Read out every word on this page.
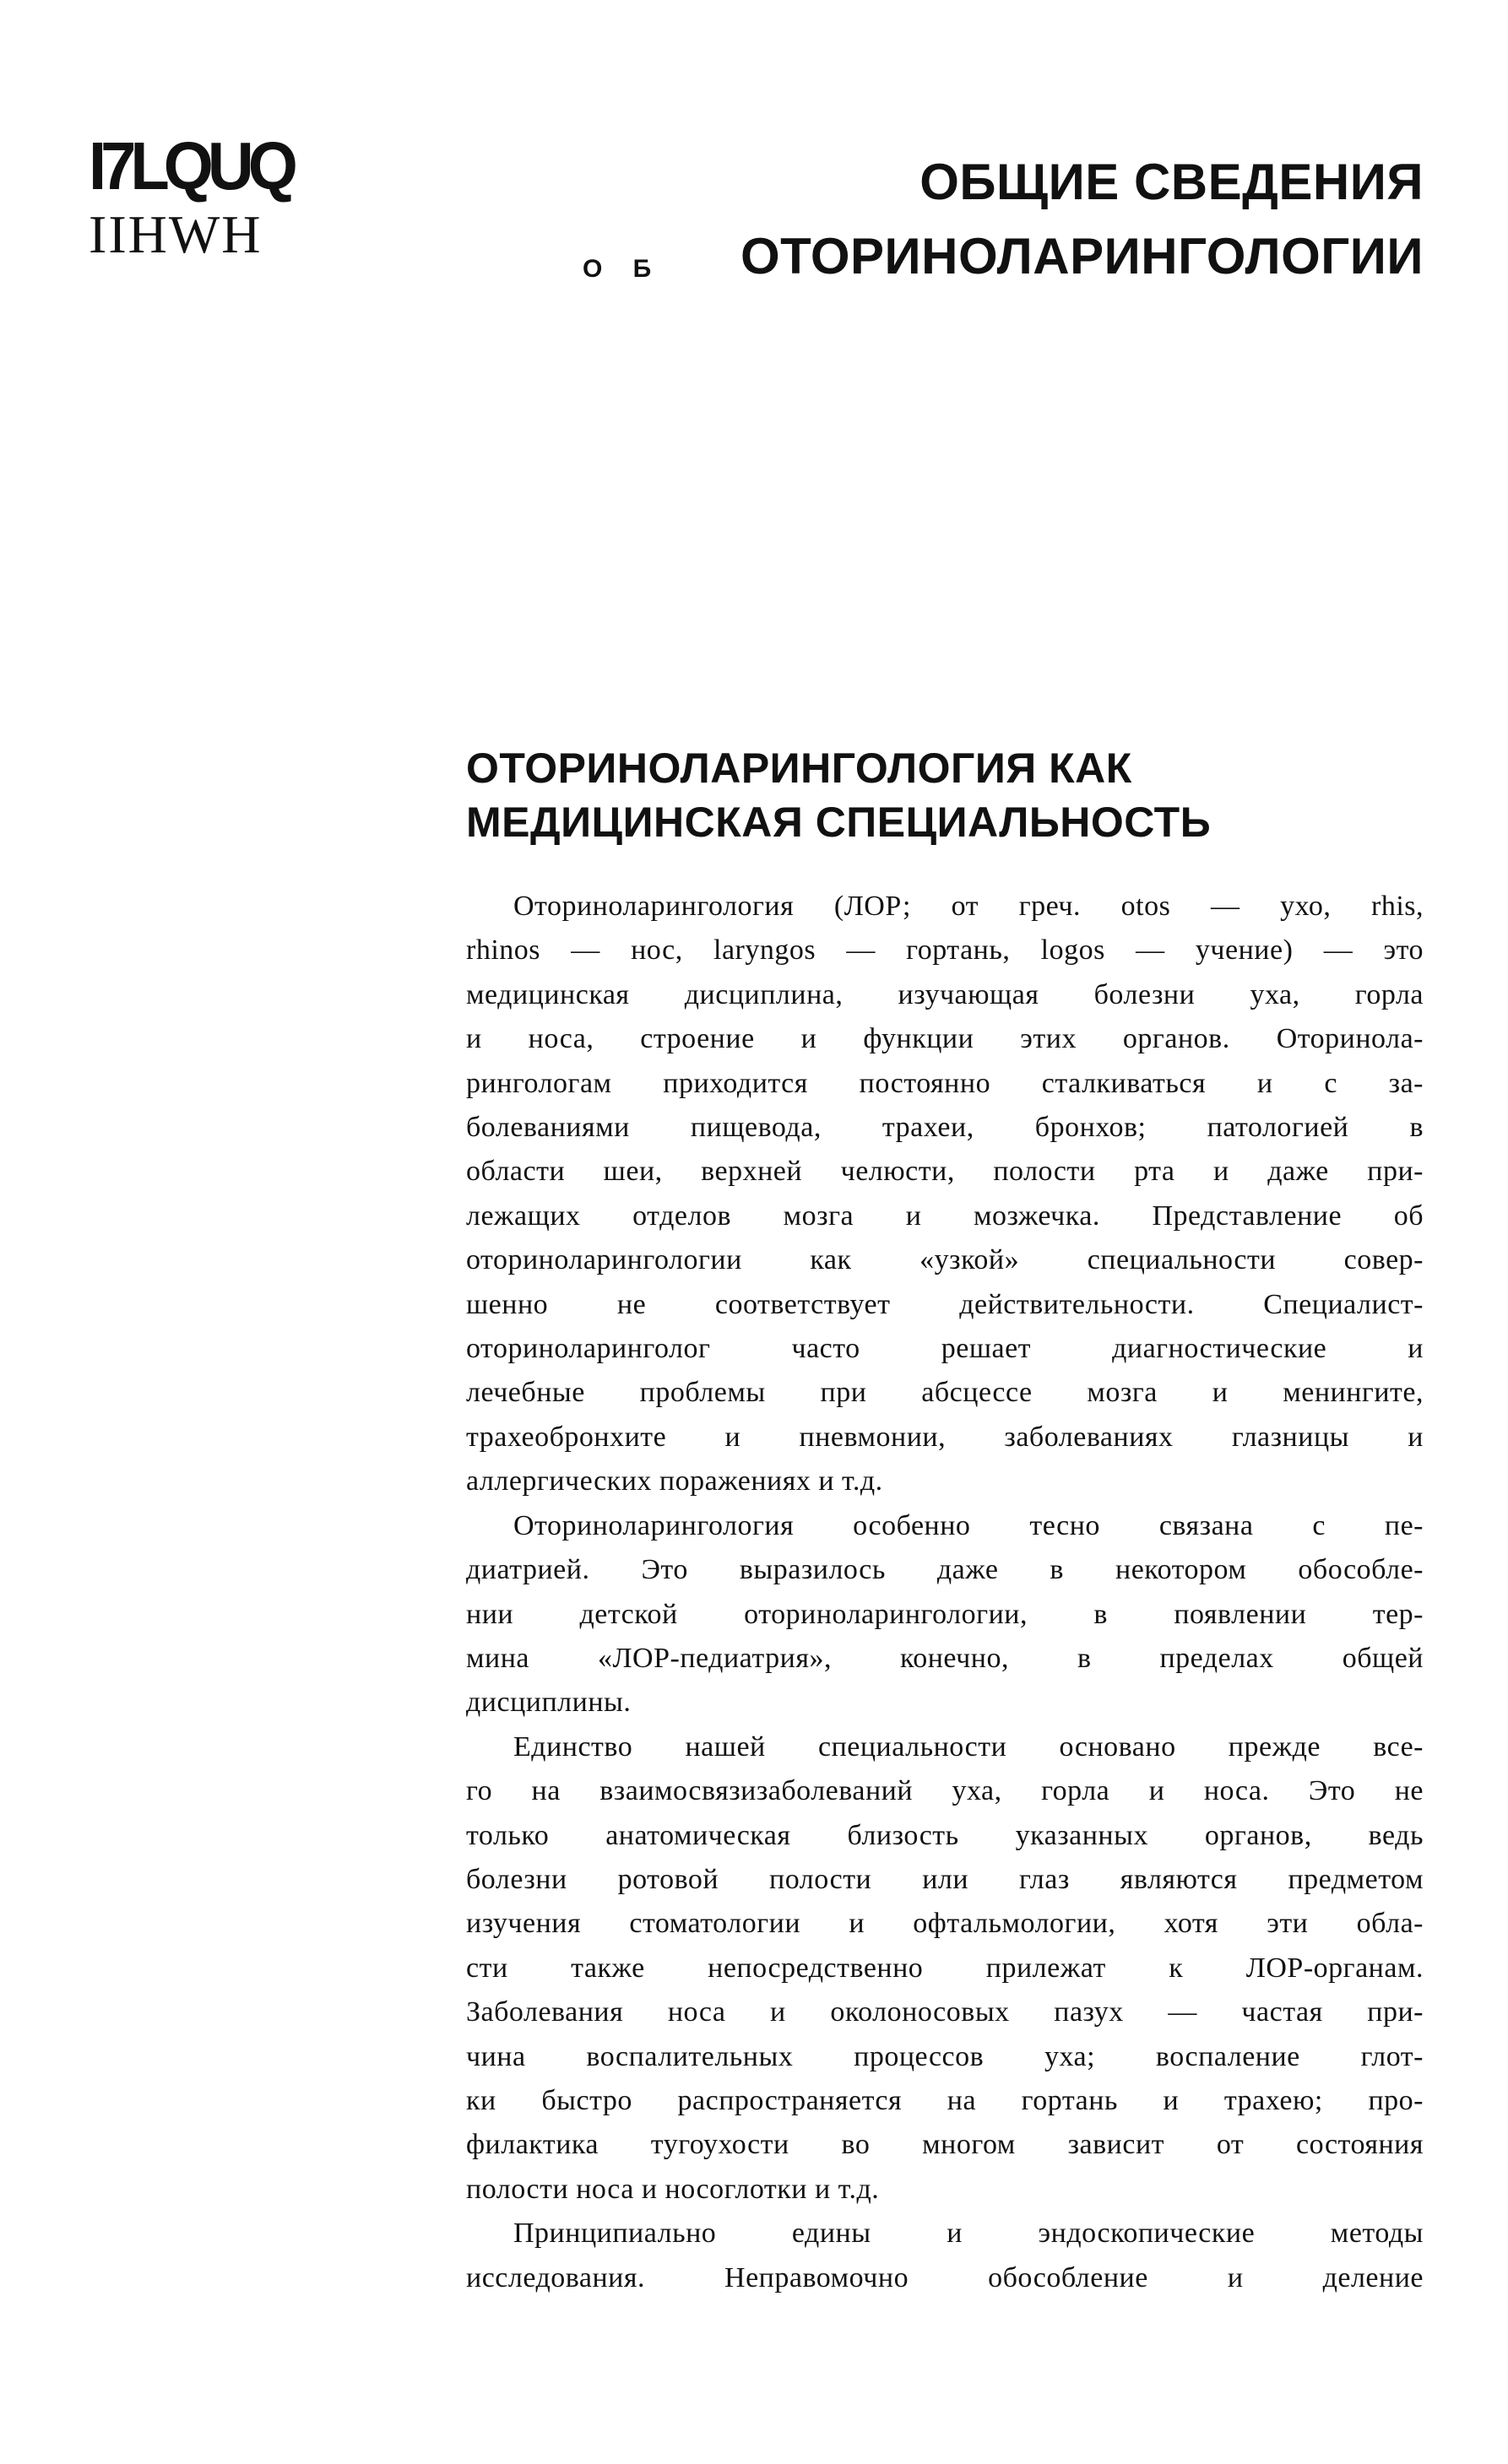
I7LQUQ
IIHWH
ОБЩИЕ СВЕДЕНИЯ
ОТОРИНОЛАРИНГОЛОГИИ
О Б
ОТОРИНОЛАРИНГОЛОГИЯ КАК
МЕДИЦИНСКАЯ СПЕЦИАЛЬНОСТЬ
Оториноларингология (ЛОР; от греч. otos — ухо, rhis,
rhinos — нос, laryngos — гортань, logos — учение) — это
медицинская дисциплина, изучающая болезни уха, горла
и носа, строение и функции этих органов. Оторинола-
рингологам приходится постоянно сталкиваться и с за-
болеваниями пищевода, трахеи, бронхов; патологией в
области шеи, верхней челюсти, полости рта и даже при-
лежащих отделов мозга и мозжечка. Представление об
оториноларингологии как «узкой» специальности совер-
шенно не соответствует действительности. Специалист-
оториноларинголог часто решает диагностические и
лечебные проблемы при абсцессе мозга и менингите,
трахеобронхите и пневмонии, заболеваниях глазницы и
аллергических поражениях и т.д.
Оториноларингология особенно тесно связана с пе-
диатрией. Это выразилось даже в некотором обособле-
нии детской оториноларингологии, в появлении тер-
мина «ЛОР-педиатрия», конечно, в пределах общей
дисциплины.
Единство нашей специальности основано прежде все-
го на взаимосвязизаболеваний уха, горла и носа. Это не
только анатомическая близость указанных органов, ведь
болезни ротовой полости или глаз являются предметом
изучения стоматологии и офтальмологии, хотя эти обла-
сти также непосредственно прилежат к ЛОР-органам.
Заболевания носа и околоносовых пазух — частая при-
чина воспалительных процессов уха; воспаление глот-
ки быстро распространяется на гортань и трахею; про-
филактика тугоухости во многом зависит от состояния
полости носа и носоглотки и т.д.
Принципиально едины и эндоскопические методы
исследования. Неправомочно обособление и деление
